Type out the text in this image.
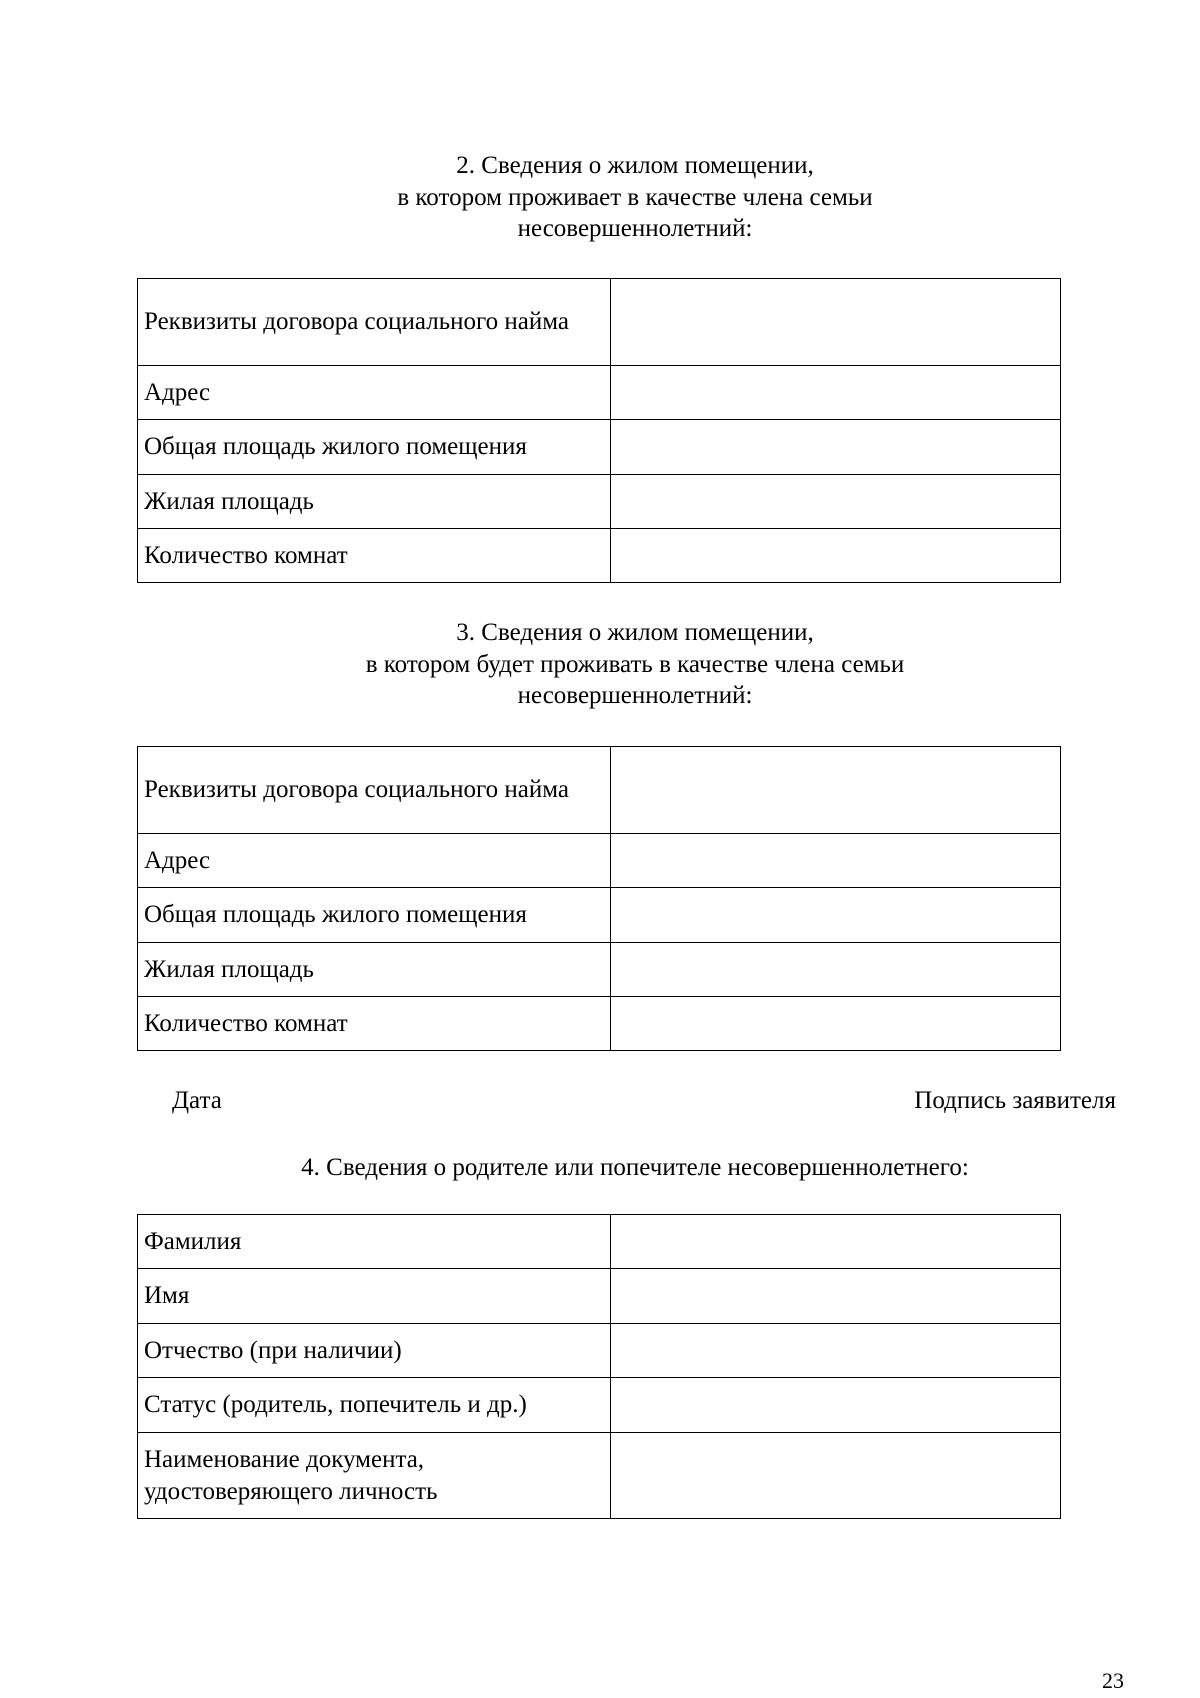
2. Сведения о жилом помещении,
в котором проживает в качестве члена семьи
несовершеннолетний:
Реквизиты договора социального найма	
Адрес	
Общая площадь жилого помещения	
Жилая площадь	
Количество комнат	
3. Сведения о жилом помещении,
в котором будет проживать в качестве члена семьи
несовершеннолетний:
Реквизиты договора социального найма	
Адрес	
Общая площадь жилого помещения	
Жилая площадь	
Количество комнат	
Дата	Подпись заявителя
4. Сведения о родителе или попечителе несовершеннолетнего:
Фамилия	
Имя	
Отчество (при наличии)	
Статус (родитель, попечитель и др.)	
Наименование документа, удостоверяющего личность	
23
